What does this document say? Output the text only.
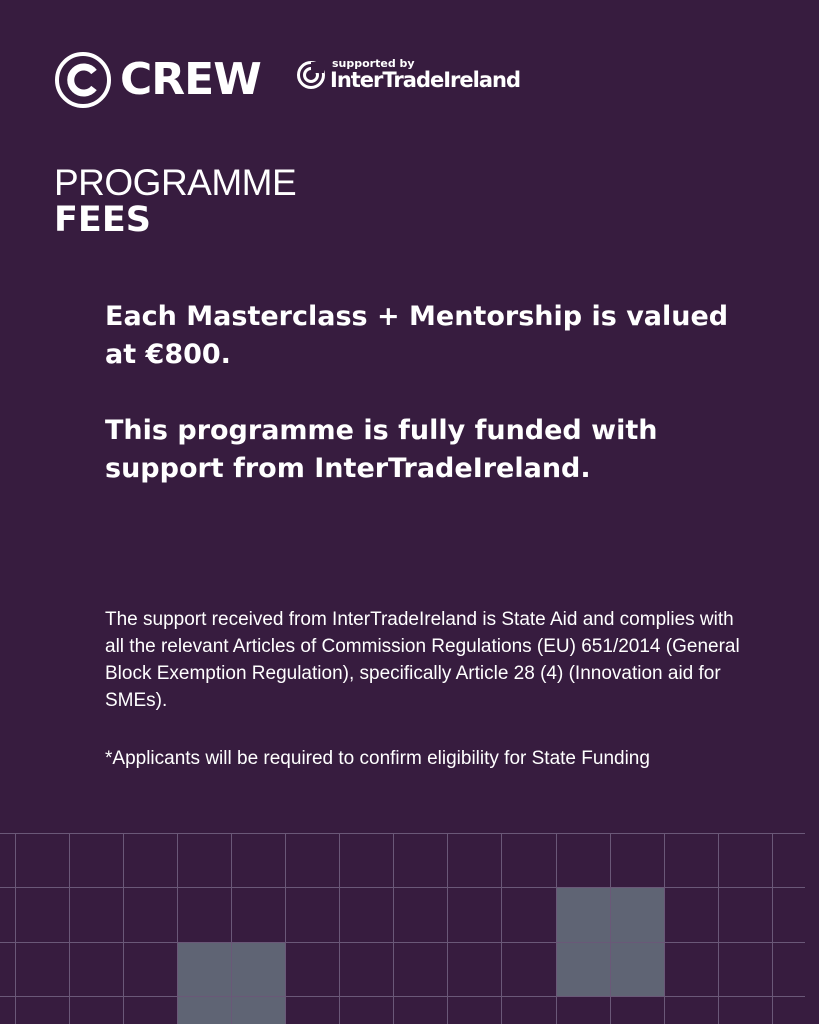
CREW	supported by
InterTradeIreland
PROGRAMME
FEES

Each Masterclass + Mentorship is valued at €800.

This programme is fully funded with support from InterTradeIreland.

The support received from InterTradeIreland is State Aid and complies with all the relevant Articles of Commission Regulations (EU) 651/2014 (General Block Exemption Regulation), specifically Article 28 (4) (Innovation aid for SMEs).
*Applicants will be required to confirm eligibility for State Funding
